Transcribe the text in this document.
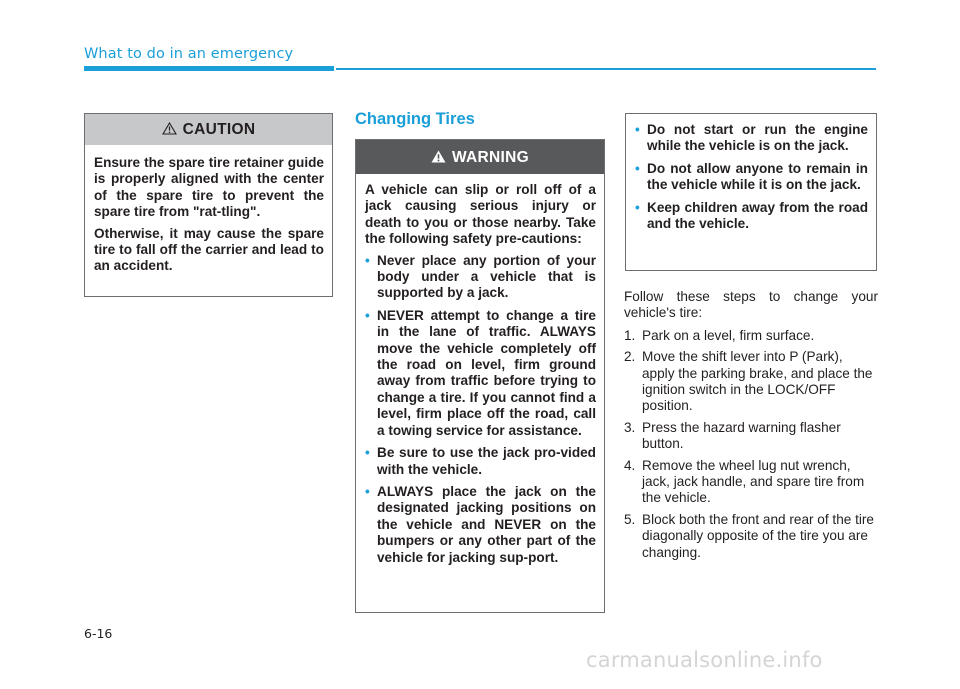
What to do in an emergency
CAUTION

Ensure the spare tire retainer guide is properly aligned with the center of the spare tire to prevent the spare tire from "rat-tling".

Otherwise, it may cause the spare tire to fall off the carrier and lead to an accident.

Changing Tires
WARNING

A vehicle can slip or roll off of a jack causing serious injury or death to you or those nearby. Take the following safety pre-cautions:

• Never place any portion of your body under a vehicle that is supported by a jack.
• NEVER attempt to change a tire in the lane of traffic. ALWAYS move the vehicle completely off the road on level, firm ground away from traffic before trying to change a tire. If you cannot find a level, firm place off the road, call a towing service for assistance.
• Be sure to use the jack pro-vided with the vehicle.
• ALWAYS place the jack on the designated jacking positions on the vehicle and NEVER on the bumpers or any other part of the vehicle for jacking sup-port.
• Do not start or run the engine while the vehicle is on the jack.
• Do not allow anyone to remain in the vehicle while it is on the jack.
• Keep children away from the road and the vehicle.

Follow these steps to change your vehicle's tire:

1. Park on a level, firm surface.
2. Move the shift lever into P (Park), apply the parking brake, and place the ignition switch in the LOCK/OFF position.
3. Press the hazard warning flasher button.
4. Remove the wheel lug nut wrench, jack, jack handle, and spare tire from the vehicle.
5. Block both the front and rear of the tire diagonally opposite of the tire you are changing.
6-16
carmanualsonline.info
